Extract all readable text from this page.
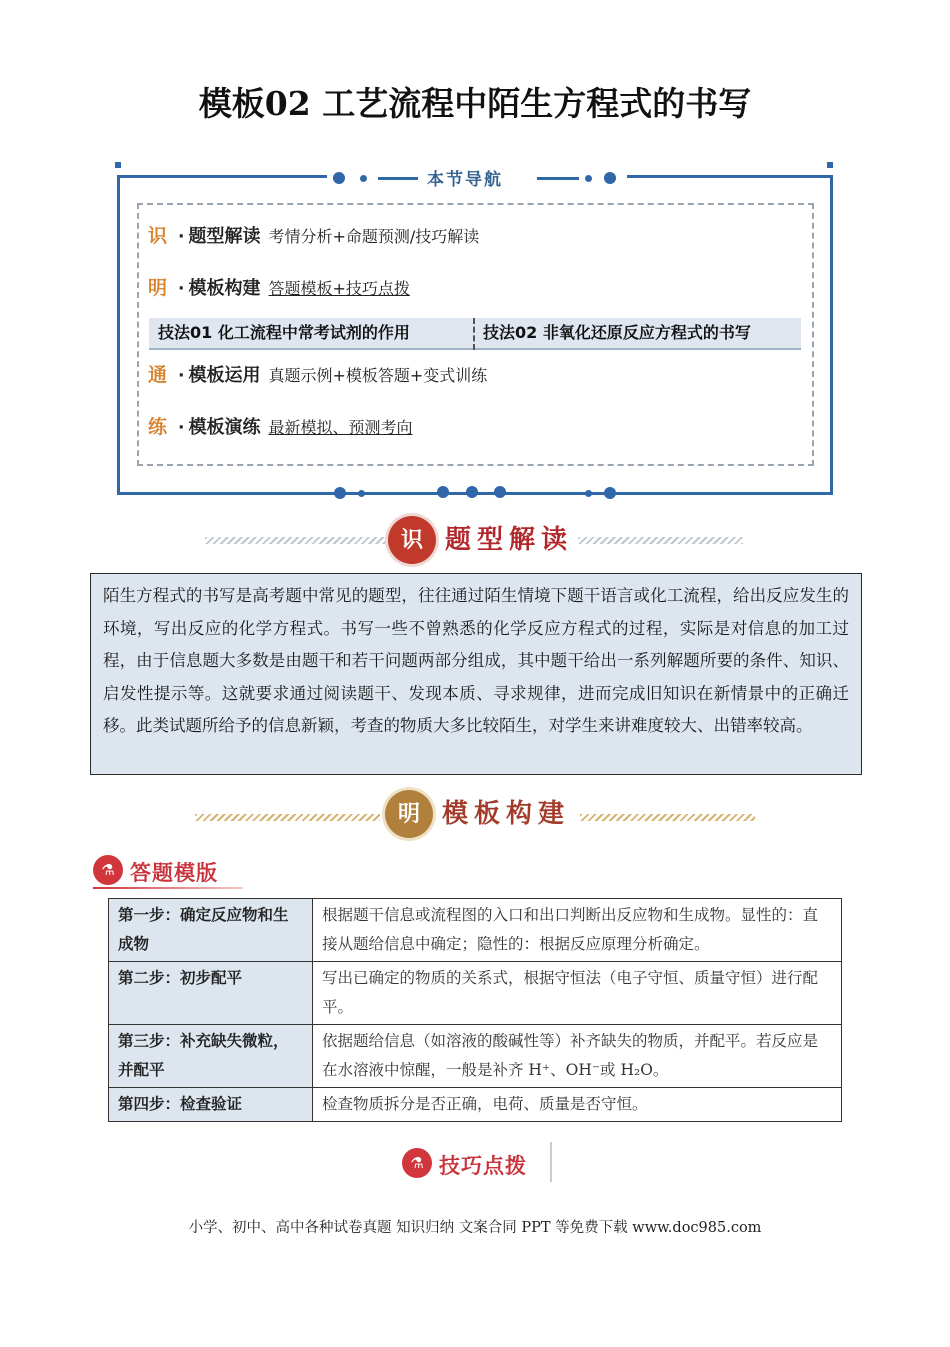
模板02 工艺流程中陌生方程式的书写
本节导航
识 · 题型解读 考情分析+命题预测/技巧解读
明 · 模板构建 答题模板+技巧点拨
技法01 化工流程中常考试剂的作用	技法02 非氧化还原反应方程式的书写
通 · 模板运用 真题示例+模板答题+变式训练
练 · 模板演练 最新模拟、预测考向
识 题型解读
陌生方程式的书写是高考题中常见的题型，往往通过陌生情境下题干语言或化工流程，给出反应发生的环境，写出反应的化学方程式。书写一些不曾熟悉的化学反应方程式的过程，实际是对信息的加工过程，由于信息题大多数是由题干和若干问题两部分组成，其中题干给出一系列解题所要的条件、知识、启发性提示等。这就要求通过阅读题干、发现本质、寻求规律，进而完成旧知识在新情景中的正确迁移。此类试题所给予的信息新颖，考查的物质大多比较陌生，对学生来讲难度较大、出错率较高。
明 模板构建
⚗ 答题模版
第一步：确定反应物和生成物	根据题干信息或流程图的入口和出口判断出反应物和生成物。显性的：直接从题给信息中确定；隐性的：根据反应原理分析确定。
第二步：初步配平	写出已确定的物质的关系式，根据守恒法（电子守恒、质量守恒）进行配平。
第三步：补充缺失微粒，并配平	依据题给信息（如溶液的酸碱性等）补齐缺失的物质，并配平。若反应是在水溶液中惊醒，一般是补齐 H⁺、OH⁻或 H₂O。
第四步：检查验证	检查物质拆分是否正确，电荷、质量是否守恒。
⚗ 技巧点拨
小学、初中、高中各种试卷真题 知识归纳 文案合同 PPT 等免费下载 www.doc985.com
